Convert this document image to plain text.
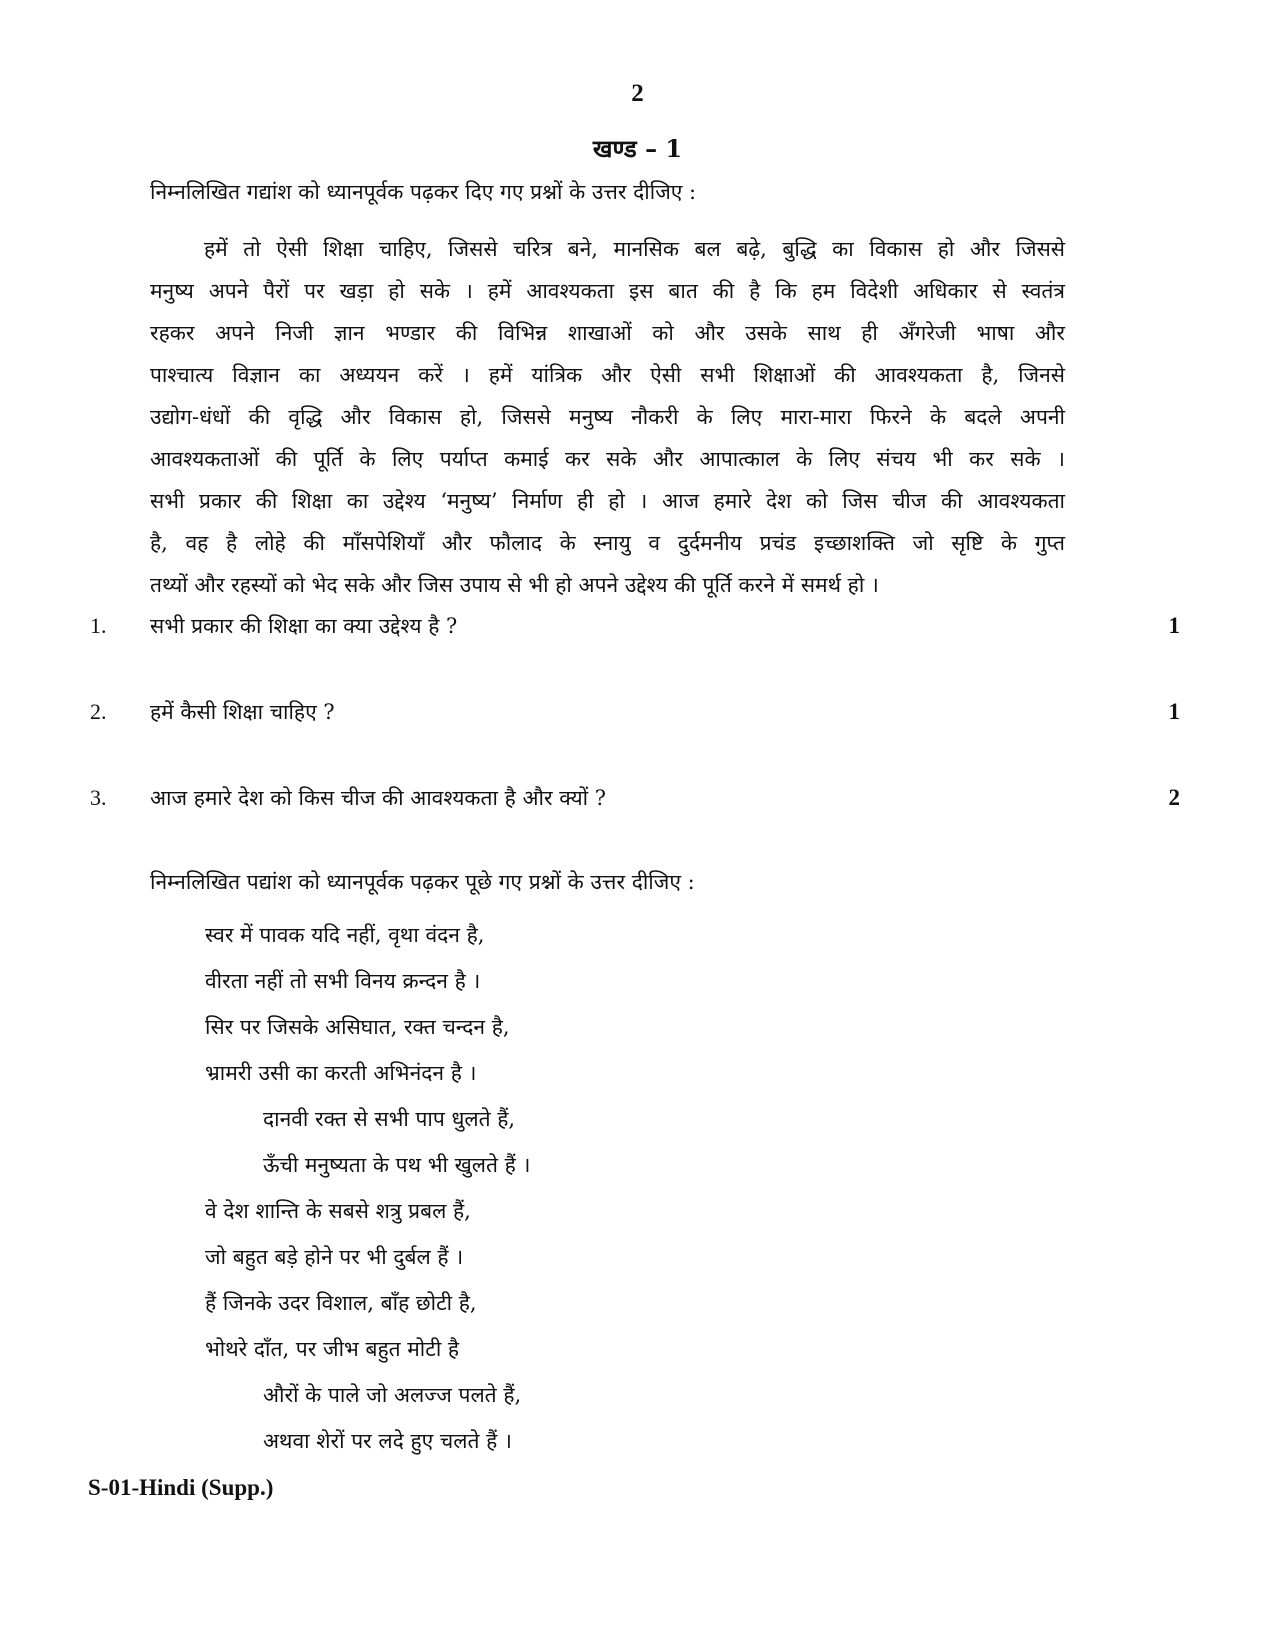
2
खण्ड – 1
निम्नलिखित गद्यांश को ध्यानपूर्वक पढ़कर दिए गए प्रश्नों के उत्तर दीजिए :
हमें तो ऐसी शिक्षा चाहिए, जिससे चरित्र बने, मानसिक बल बढ़े, बुद्धि का विकास हो और जिससे
मनुष्य अपने पैरों पर खड़ा हो सके । हमें आवश्यकता इस बात की है कि हम विदेशी अधिकार से स्वतंत्र
रहकर अपने निजी ज्ञान भण्डार की विभिन्न शाखाओं को और उसके साथ ही अँगरेजी भाषा और
पाश्चात्य विज्ञान का अध्ययन करें । हमें यांत्रिक और ऐसी सभी शिक्षाओं की आवश्यकता है, जिनसे
उद्योग-धंधों की वृद्धि और विकास हो, जिससे मनुष्य नौकरी के लिए मारा-मारा फिरने के बदले अपनी
आवश्यकताओं की पूर्ति के लिए पर्याप्त कमाई कर सके और आपात्काल के लिए संचय भी कर सके ।
सभी प्रकार की शिक्षा का उद्देश्य ‘मनुष्य’ निर्माण ही हो । आज हमारे देश को जिस चीज की आवश्यकता
है, वह है लोहे की माँसपेशियाँ और फौलाद के स्नायु व दुर्दमनीय प्रचंड इच्छाशक्ति जो सृष्टि के गुप्त
तथ्यों और रहस्यों को भेद सके और जिस उपाय से भी हो अपने उद्देश्य की पूर्ति करने में समर्थ हो ।
1. सभी प्रकार की शिक्षा का क्या उद्देश्य है ?	1
2. हमें कैसी शिक्षा चाहिए ?	1
3. आज हमारे देश को किस चीज की आवश्यकता है और क्यों ?	2
निम्नलिखित पद्यांश को ध्यानपूर्वक पढ़कर पूछे गए प्रश्नों के उत्तर दीजिए :
स्वर में पावक यदि नहीं, वृथा वंदन है,
वीरता नहीं तो सभी विनय क्रन्दन है ।
सिर पर जिसके असिघात, रक्त चन्दन है,
भ्रामरी उसी का करती अभिनंदन है ।
दानवी रक्त से सभी पाप धुलते हैं,
ऊँची मनुष्यता के पथ भी खुलते हैं ।
वे देश शान्ति के सबसे शत्रु प्रबल हैं,
जो बहुत बड़े होने पर भी दुर्बल हैं ।
हैं जिनके उदर विशाल, बाँह छोटी है,
भोथरे दाँत, पर जीभ बहुत मोटी है
औरों के पाले जो अलज्ज पलते हैं,
अथवा शेरों पर लदे हुए चलते हैं ।
S-01-Hindi (Supp.)
